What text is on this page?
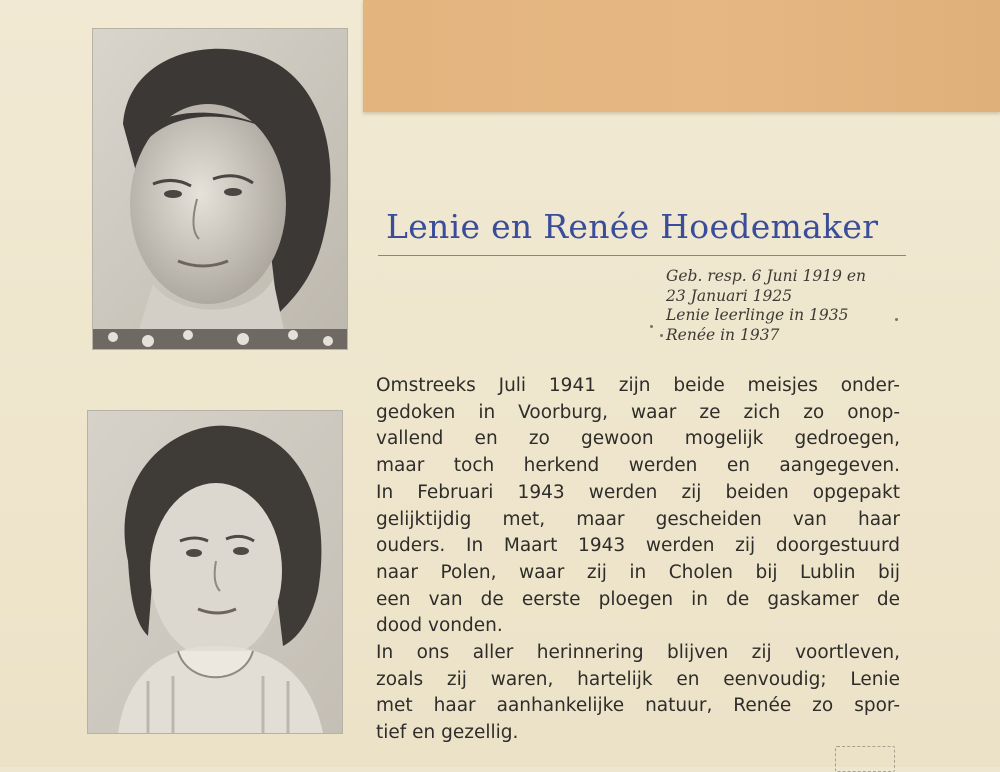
Lenie en Renée Hoedemaker
Geb. resp. 6 Juni 1919 en
23 Januari 1925
Lenie leerlinge in 1935
Renée in 1937
Omstreeks Juli 1941 zijn beide meisjes onder-
gedoken in Voorburg, waar ze zich zo onop-
vallend en zo gewoon mogelijk gedroegen,
maar toch herkend werden en aangegeven.
In Februari 1943 werden zij beiden opgepakt
gelijktijdig met, maar gescheiden van haar
ouders. In Maart 1943 werden zij doorgestuurd
naar Polen, waar zij in Cholen bij Lublin bij
een van de eerste ploegen in de gaskamer de
dood vonden.
In ons aller herinnering blijven zij voortleven,
zoals zij waren, hartelijk en eenvoudig; Lenie
met haar aanhankelijke natuur, Renée zo spor-
tief en gezellig.
